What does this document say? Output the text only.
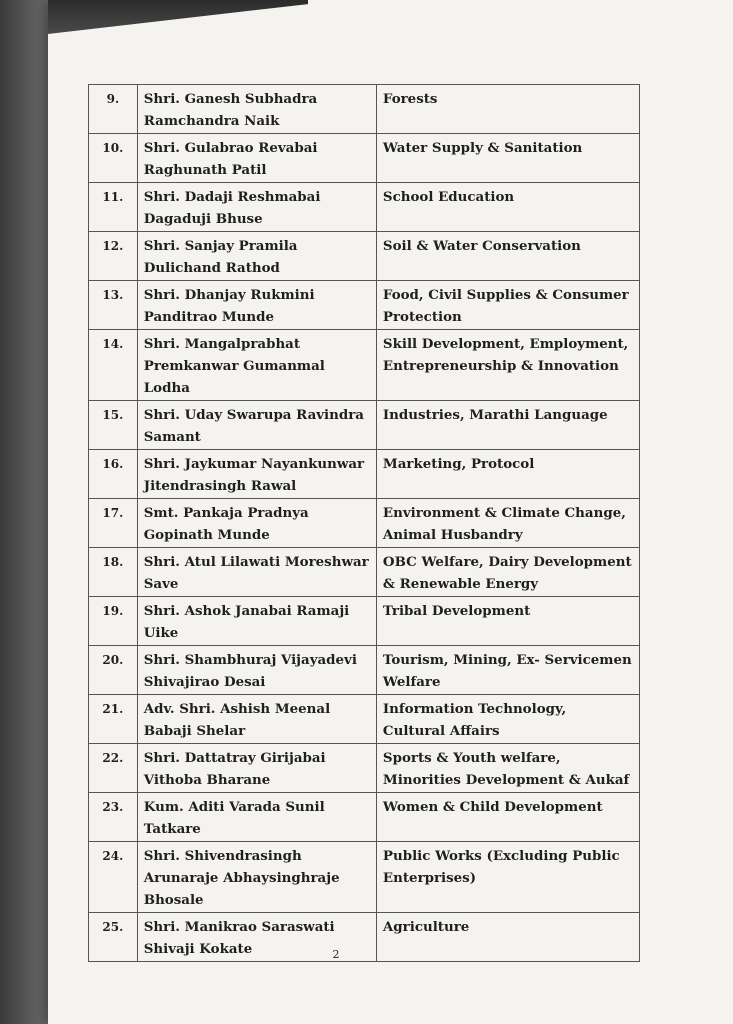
9.	Shri. Ganesh Subhadra Ramchandra Naik	Forests
10.	Shri. Gulabrao Revabai Raghunath Patil	Water Supply & Sanitation
11.	Shri. Dadaji Reshmabai Dagaduji Bhuse	School Education
12.	Shri. Sanjay Pramila Dulichand Rathod	Soil & Water Conservation
13.	Shri. Dhanjay Rukmini Panditrao Munde	Food, Civil Supplies & Consumer Protection
14.	Shri. Mangalprabhat Premkanwar Gumanmal Lodha	Skill Development, Employment, Entrepreneurship & Innovation
15.	Shri. Uday Swarupa Ravindra Samant	Industries, Marathi Language
16.	Shri. Jaykumar Nayankunwar Jitendrasingh Rawal	Marketing, Protocol
17.	Smt. Pankaja Pradnya Gopinath Munde	Environment & Climate Change, Animal Husbandry
18.	Shri. Atul Lilawati Moreshwar Save	OBC Welfare, Dairy Development & Renewable Energy
19.	Shri. Ashok Janabai Ramaji Uike	Tribal Development
20.	Shri. Shambhuraj Vijayadevi Shivajirao Desai	Tourism, Mining, Ex- Servicemen Welfare
21.	Adv. Shri. Ashish Meenal Babaji Shelar	Information Technology, Cultural Affairs
22.	Shri. Dattatray Girijabai Vithoba Bharane	Sports & Youth welfare, Minorities Development & Aukaf
23.	Kum. Aditi Varada Sunil Tatkare	Women & Child Development
24.	Shri. Shivendrasingh Arunaraje Abhaysinghraje Bhosale	Public Works (Excluding Public Enterprises)
25.	Shri. Manikrao Saraswati Shivaji Kokate	Agriculture
2
